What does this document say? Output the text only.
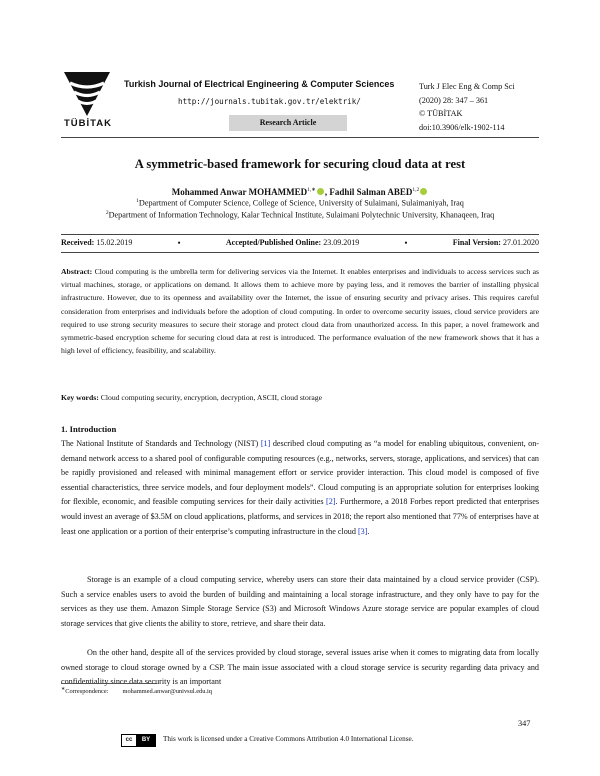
TÜBİTAK
Turkish Journal of Electrical Engineering & Computer Sciences
http://journals.tubitak.gov.tr/elektrik/
Research Article
Turk J Elec Eng & Comp Sci
(2020) 28: 347 – 361
© TÜBİTAK
doi:10.3906/elk-1902-114
A symmetric-based framework for securing cloud data at rest
Mohammed Anwar $MOHAMMED^{1,∗}$ , Fadhil Salman ABED$^{1,2}$
$^1$Department of Computer Science, College of Science, University of Sulaimani, Sulaimaniyah, Iraq
$^2$Department of Information Technology, Kalar Technical Institute, Sulaimani Polytechnic University, Khanaqeen, Iraq
Received: 15.02.2019	•	Accepted/Published Online: 23.09.2019	•	Final Version: 27.01.2020

Abstract: Cloud computing is the umbrella term for delivering services via the Internet. It enables enterprises and individuals to access services such as virtual machines, storage, or applications on demand. It allows them to achieve more by paying less, and it removes the barrier of installing physical infrastructure. However, due to its openness and availability over the Internet, the issue of ensuring security and privacy arises. This requires careful consideration from enterprises and individuals before the adoption of cloud computing. In order to overcome security issues, cloud service providers are required to use strong security measures to secure their storage and protect cloud data from unauthorized access. In this paper, a novel framework and symmetric-based encryption scheme for securing cloud data at rest is introduced. The performance evaluation of the new framework shows that it has a high level of efficiency, feasibility, and scalability.

Key words: Cloud computing security, encryption, decryption, ASCII, cloud storage
1. Introduction

The National Institute of Standards and Technology (NIST) [1] described cloud computing as “a model for enabling ubiquitous, convenient, on-demand network access to a shared pool of configurable computing resources (e.g., networks, servers, storage, applications, and services) that can be rapidly provisioned and released with minimal management effort or service provider interaction. This cloud model is composed of five essential characteristics, three service models, and four deployment models”. Cloud computing is an appropriate solution for enterprises looking for flexible, economic, and feasible computing services for their daily activities [2]. Furthermore, a 2018 Forbes report predicted that enterprises would invest an average of $3.5M on cloud applications, platforms, and services in 2018; the report also mentioned that 77% of enterprises have at least one application or a portion of their enterprise’s computing infrastructure in the cloud [3].

Storage is an example of a cloud computing service, whereby users can store their data maintained by a cloud service provider (CSP). Such a service enables users to avoid the burden of building and maintaining a local storage infrastructure, and they only have to pay for the services as they use them. Amazon Simple Storage Service (S3) and Microsoft Windows Azure storage service are popular examples of cloud storage services that give clients the ability to store, retrieve, and share their data.

On the other hand, despite all of the services provided by cloud storage, several issues arise when it comes to migrating data from locally owned storage to cloud storage owned by a CSP. The main issue associated with a cloud storage service is security regarding data privacy and confidentiality since data security is an important

∗Correspondence: mohammed.anwar@univsul.edu.iq
347
cc	BY	This work is licensed under a Creative Commons Attribution 4.0 International License.
